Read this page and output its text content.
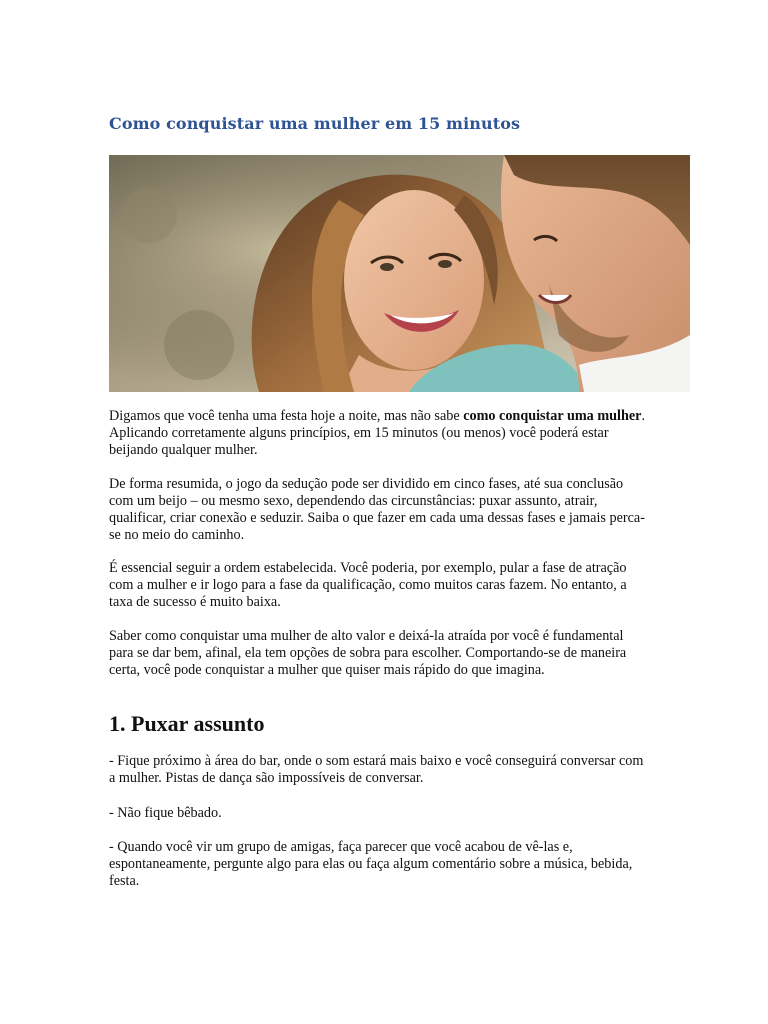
Como conquistar uma mulher em 15 minutos

Digamos que você tenha uma festa hoje a noite, mas não sabe como conquistar uma mulher. Aplicando corretamente alguns princípios, em 15 minutos (ou menos) você poderá estar beijando qualquer mulher.

De forma resumida, o jogo da sedução pode ser dividido em cinco fases, até sua conclusão com um beijo – ou mesmo sexo, dependendo das circunstâncias: puxar assunto, atrair, qualificar, criar conexão e seduzir. Saiba o que fazer em cada uma dessas fases e jamais perca-se no meio do caminho.

É essencial seguir a ordem estabelecida. Você poderia, por exemplo, pular a fase de atração com a mulher e ir logo para a fase da qualificação, como muitos caras fazem. No entanto, a taxa de sucesso é muito baixa.

Saber como conquistar uma mulher de alto valor e deixá-la atraída por você é fundamental para se dar bem, afinal, ela tem opções de sobra para escolher. Comportando-se de maneira certa, você pode conquistar a mulher que quiser mais rápido do que imagina.

1. Puxar assunto

- Fique próximo à área do bar, onde o som estará mais baixo e você conseguirá conversar com a mulher. Pistas de dança são impossíveis de conversar.

- Não fique bêbado.

- Quando você vir um grupo de amigas, faça parecer que você acabou de vê-las e, espontaneamente, pergunte algo para elas ou faça algum comentário sobre a música, bebida, festa.
